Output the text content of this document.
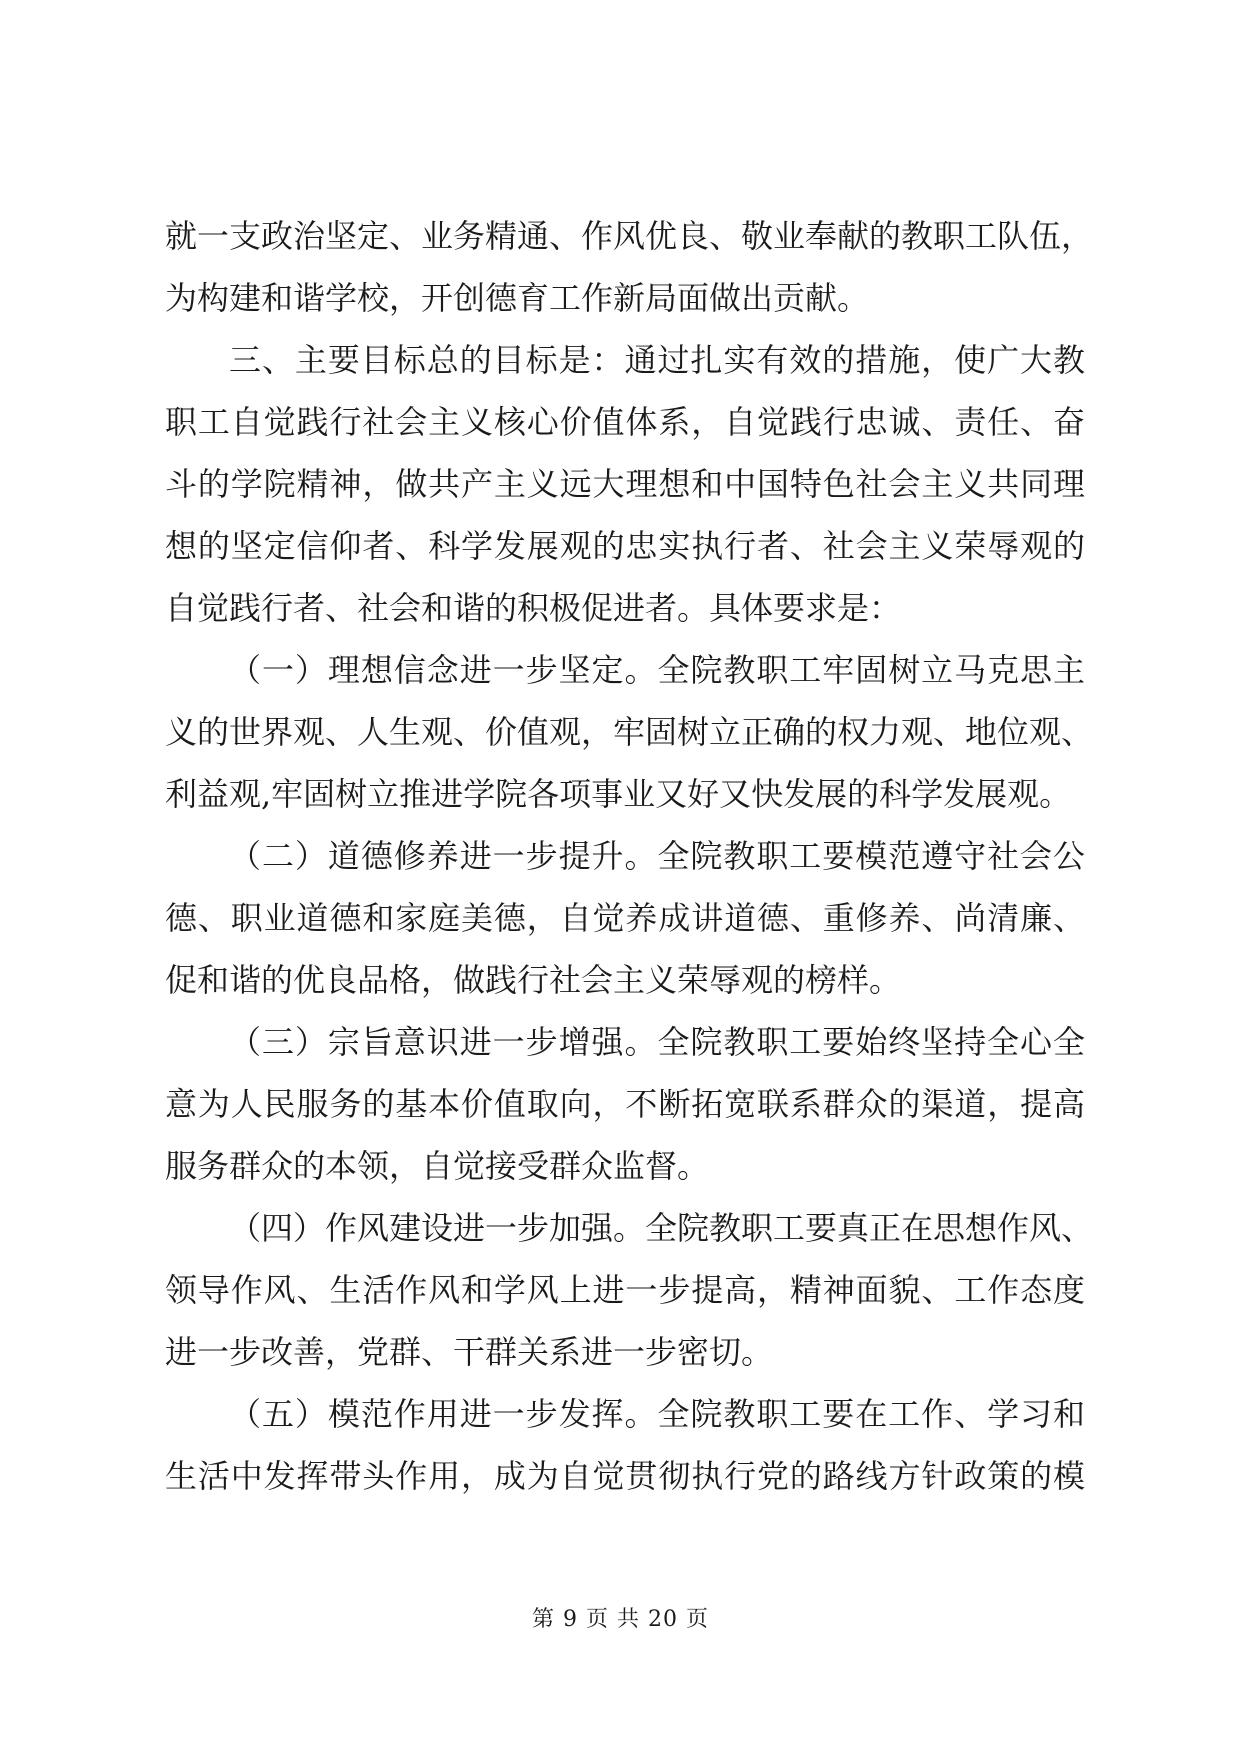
就一支政治坚定、业务精通、作风优良、敬业奉献的教职工队伍，
为构建和谐学校，开创德育工作新局面做出贡献。
三、主要目标总的目标是：通过扎实有效的措施，使广大教
职工自觉践行社会主义核心价值体系，自觉践行忠诚、责任、奋
斗的学院精神，做共产主义远大理想和中国特色社会主义共同理
想的坚定信仰者、科学发展观的忠实执行者、社会主义荣辱观的
自觉践行者、社会和谐的积极促进者。具体要求是：
（一）理想信念进一步坚定。全院教职工牢固树立马克思主
义的世界观、人生观、价值观，牢固树立正确的权力观、地位观、
利益观,牢固树立推进学院各项事业又好又快发展的科学发展观。
（二）道德修养进一步提升。全院教职工要模范遵守社会公
德、职业道德和家庭美德，自觉养成讲道德、重修养、尚清廉、
促和谐的优良品格，做践行社会主义荣辱观的榜样。
（三）宗旨意识进一步增强。全院教职工要始终坚持全心全
意为人民服务的基本价值取向，不断拓宽联系群众的渠道，提高
服务群众的本领，自觉接受群众监督。
（四）作风建设进一步加强。全院教职工要真正在思想作风、
领导作风、生活作风和学风上进一步提高，精神面貌、工作态度
进一步改善，党群、干群关系进一步密切。
（五）模范作用进一步发挥。全院教职工要在工作、学习和
生活中发挥带头作用，成为自觉贯彻执行党的路线方针政策的模
第 9 页 共 20 页
